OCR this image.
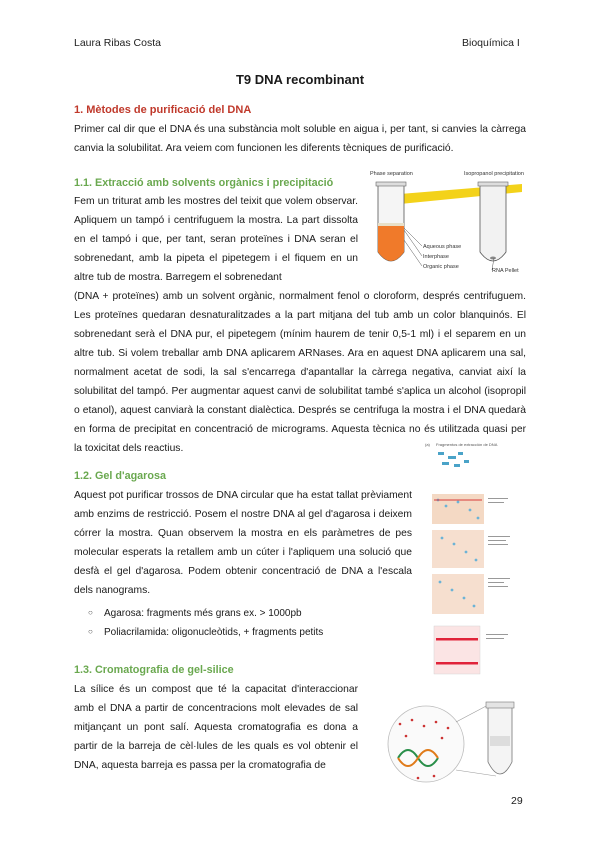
Laura Ribas Costa	Bioquímica I
T9 DNA recombinant
1. Mètodes de purificació del DNA

Primer cal dir que el DNA és una substància molt soluble en aigua i, per tant, si canvies la càrrega canvia la solubilitat. Ara veiem com funcionen les diferents tècniques de purificació.

1.1. Extracció amb solvents orgànics i precipitació

Fem un triturat amb les mostres del teixit que volem observar. Apliquem un tampó i centrifuguem la mostra. La part dissolta en el tampó i que, per tant, seran proteïnes i DNA seran el sobrenedant, amb la pipeta el pipetegem i el fiquem en un altre tub de mostra. Barregem el sobrenedant

(DNA + proteïnes) amb un solvent orgànic, normalment fenol o cloroform, després centrifuguem. Les proteïnes quedaran desnaturalitzades a la part mitjana del tub amb un color blanquinós. El sobrenedant serà el DNA pur, el pipetegem (mínim haurem de tenir 0,5-1 ml) i el separem en un altre tub. Si volem treballar amb DNA aplicarem ARNases. Ara en aquest DNA aplicarem una sal, normalment acetat de sodi, la sal s'encarrega d'apantallar la càrrega negativa, canviat així la solubilitat del tampó. Per augmentar aquest canvi de solubilitat també s'aplica un alcohol (isopropil o etanol), aquest canviarà la constant dialèctica. Després se centrifuga la mostra i el DNA quedarà en forma de precipitat en concentració de micrograms. Aquesta tècnica no és utilitzada quasi per la toxicitat dels reactius.

Phase separation	Isopropanol precipitation
Aqueous phase
Interphase
Organic phase
RNA Pellet
1.2. Gel d'agarosa

Aquest pot purificar trossos de DNA circular que ha estat tallat prèviament amb enzims de restricció. Posem el nostre DNA al gel d'agarosa i deixem córrer la mostra. Quan observem la mostra en els paràmetres de pes molecular esperats la retallem amb un cúter i l'apliquem una solució que desfà el gel d'agarosa. Podem obtenir concentració de DNA a l'escala dels nanograms.

○ Agarosa: fragments més grans ex. > 1000pb
○ Poliacrilamida: oligonucleòtids, + fragments petits
(a) Fragmentos de extracción de DNA
1.3. Cromatografia de gel-silice

La sílice és un compost que té la capacitat d'interaccionar amb el DNA a partir de concentracions molt elevades de sal mitjançant un pont salí. Aquesta cromatografia es dona a partir de la barreja de cèl·lules de les quals es vol obtenir el DNA, aquesta barreja es passa per la cromatografia de

29
